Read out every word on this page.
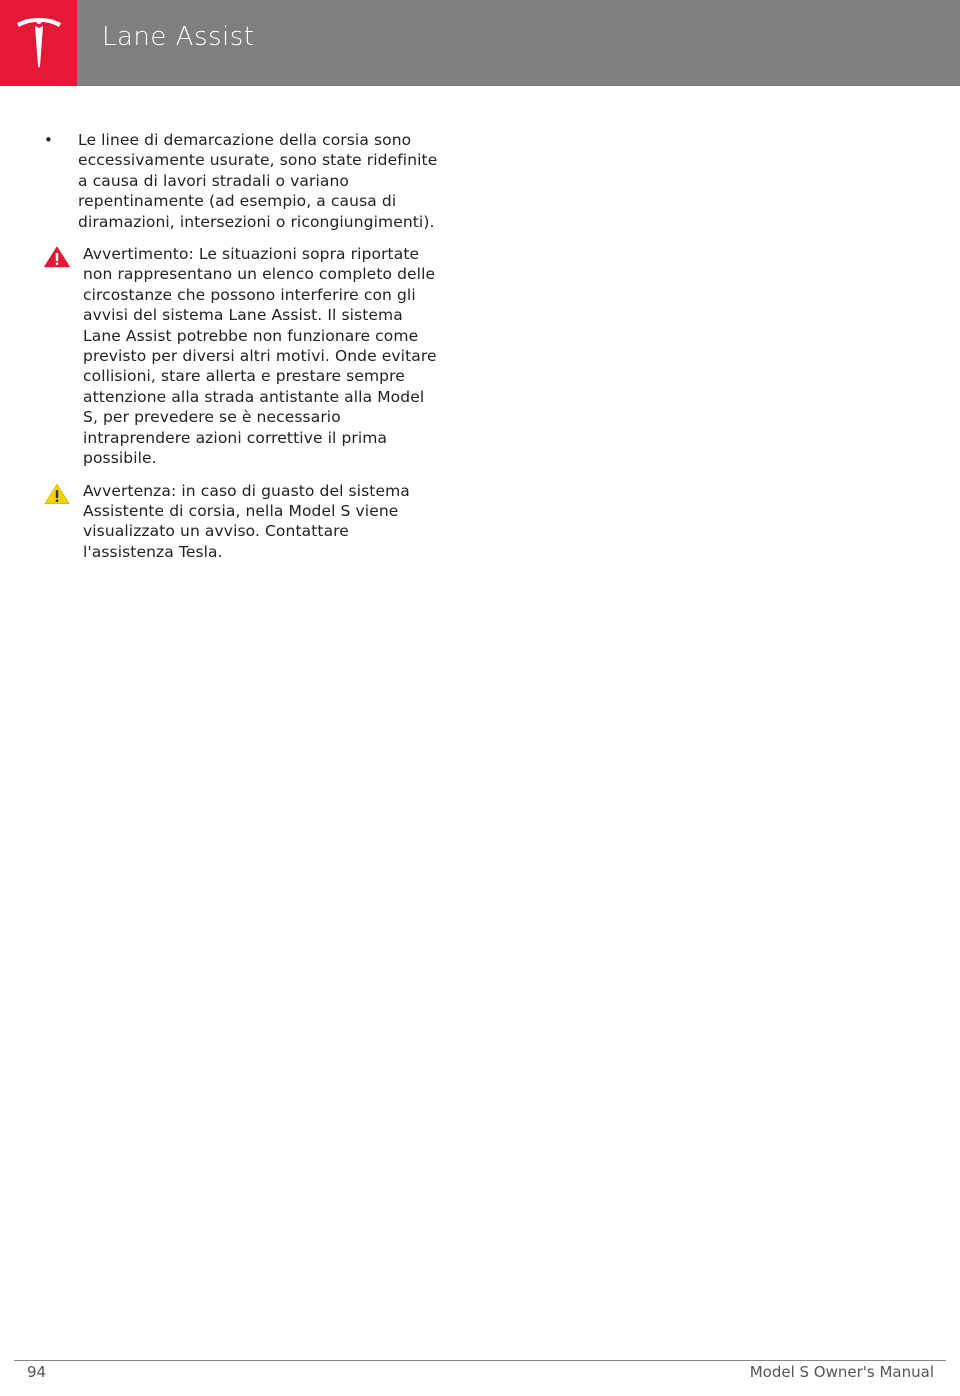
Lane Assist
• Le linee di demarcazione della corsia sono eccessivamente usurate, sono state ridefinite a causa di lavori stradali o variano repentinamente (ad esempio, a causa di diramazioni, intersezioni o ricongiungimenti).
Avvertimento: Le situazioni sopra riportate non rappresentano un elenco completo delle circostanze che possono interferire con gli avvisi del sistema Lane Assist. Il sistema Lane Assist potrebbe non funzionare come previsto per diversi altri motivi. Onde evitare collisioni, stare allerta e prestare sempre attenzione alla strada antistante alla Model S, per prevedere se è necessario intraprendere azioni correttive il prima possibile.
Avvertenza: in caso di guasto del sistema Assistente di corsia, nella Model S viene visualizzato un avviso. Contattare l'assistenza Tesla.
94	Model S Owner's Manual
